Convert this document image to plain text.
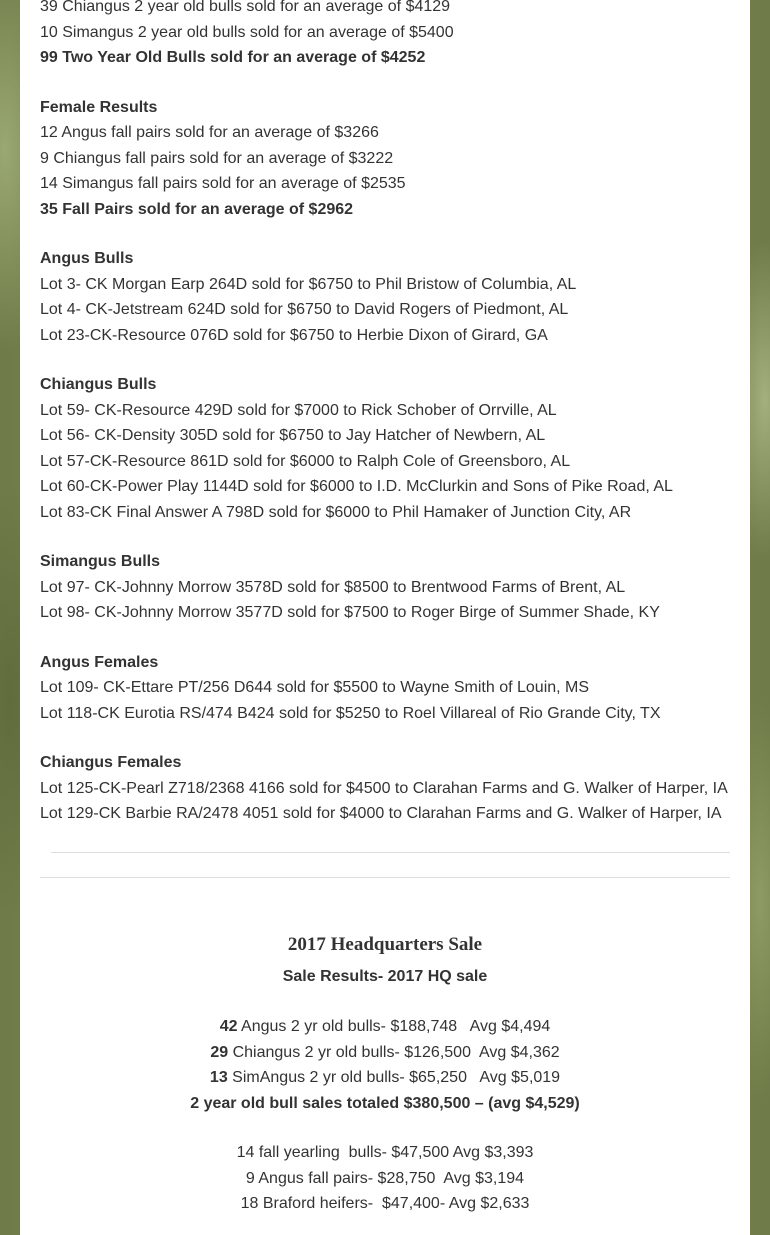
39 Chiangus 2 year old bulls sold for an average of $4129
10 Simangus 2 year old bulls sold for an average of $5400
99 Two Year Old Bulls sold for an average of $4252
Female Results
12 Angus fall pairs sold for an average of $3266
9 Chiangus fall pairs sold for an average of $3222
14 Simangus fall pairs sold for an average of $2535
35 Fall Pairs sold for an average of $2962
Angus Bulls
Lot 3- CK Morgan Earp 264D sold for $6750 to Phil Bristow of Columbia, AL
Lot 4- CK-Jetstream 624D sold for $6750 to David Rogers of Piedmont, AL
Lot 23-CK-Resource 076D sold for $6750 to Herbie Dixon of Girard, GA
Chiangus Bulls
Lot 59- CK-Resource 429D sold for $7000 to Rick Schober of Orrville, AL
Lot 56- CK-Density 305D sold for $6750 to Jay Hatcher of Newbern, AL
Lot 57-CK-Resource 861D sold for $6000 to Ralph Cole of Greensboro, AL
Lot 60-CK-Power Play 1144D sold for $6000 to I.D. McClurkin and Sons of Pike Road, AL
Lot 83-CK Final Answer A 798D sold for $6000 to Phil Hamaker of Junction City, AR
Simangus Bulls
Lot 97- CK-Johnny Morrow 3578D sold for $8500 to Brentwood Farms of Brent, AL
Lot 98- CK-Johnny Morrow 3577D sold for $7500 to Roger Birge of Summer Shade, KY
Angus Females
Lot 109- CK-Ettare PT/256 D644 sold for $5500 to Wayne Smith of Louin, MS
Lot 118-CK Eurotia RS/474 B424 sold for $5250 to Roel Villareal of Rio Grande City, TX
Chiangus Females
Lot 125-CK-Pearl Z718/2368 4166 sold for $4500 to Clarahan Farms and G. Walker of Harper, IA
Lot 129-CK Barbie RA/2478 4051 sold for $4000 to Clarahan Farms and G. Walker of Harper, IA
2017 Headquarters Sale
Sale Results- 2017 HQ sale
42 Angus 2 yr old bulls- $188,748   Avg $4,494
29 Chiangus 2 yr old bulls- $126,500  Avg $4,362
13 SimAngus 2 yr old bulls- $65,250   Avg $5,019
2 year old bull sales totaled $380,500 – (avg $4,529)
14 fall yearling  bulls- $47,500 Avg $3,393
9 Angus fall pairs- $28,750  Avg $3,194
18 Braford heifers-  $47,400- Avg $2,633
